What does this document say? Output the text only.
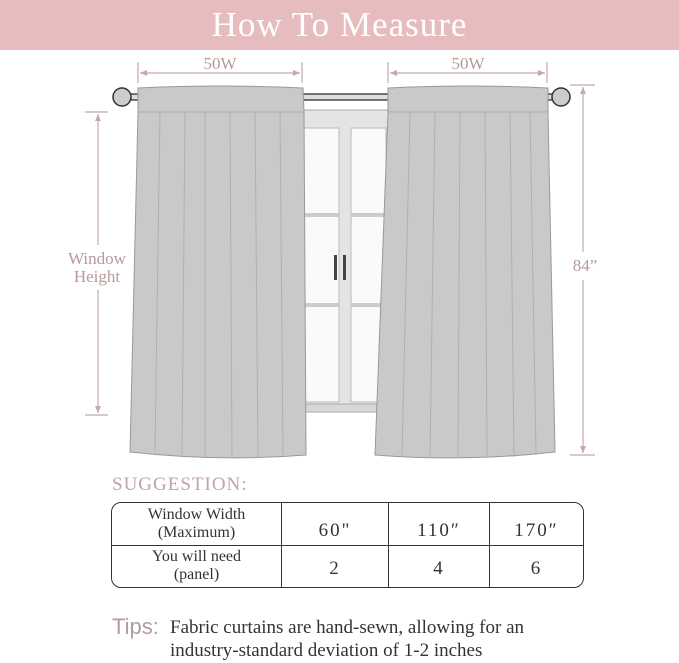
How To Measure
50W	50W
Window
Height
84”
SUGGESTION:
Window Width
(Maximum)	60"	110″	170″

You will need
(panel)	2	4	6
Tips: Fabric curtains are hand-sewn, allowing for an
industry-standard deviation of 1-2 inches
